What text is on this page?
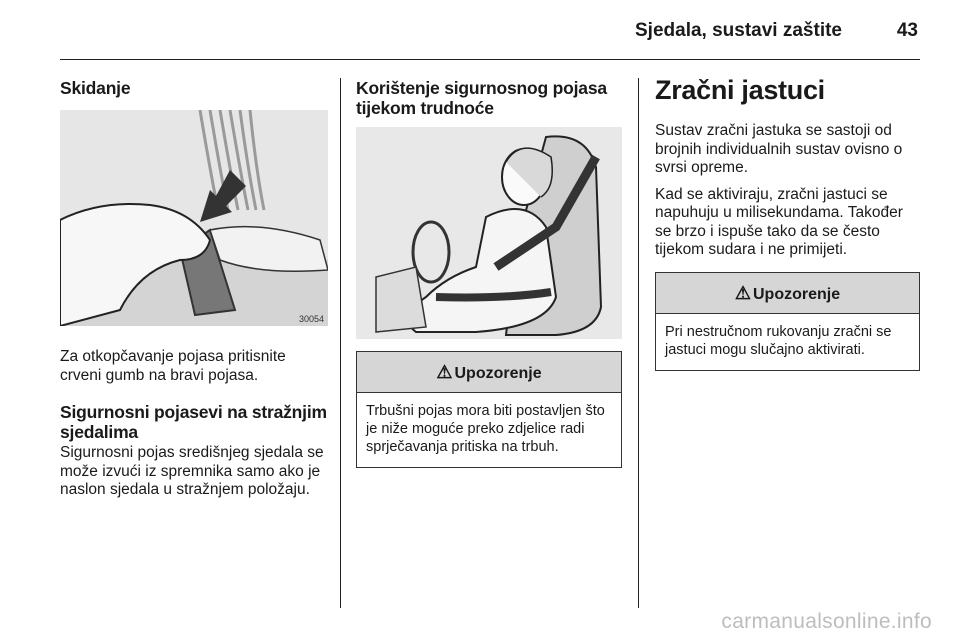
Sjedala, sustavi zaštite	43
Skidanje
30054

Za otkopčavanje pojasa pritisnite crveni gumb na bravi pojasa.

Sigurnosni pojasevi na stražnjim sjedalima

Sigurnosni pojas središnjeg sjedala se može izvući iz spremnika samo ako je naslon sjedala u stražnjem položaju.

Korištenje sigurnosnog pojasa tijekom trudnoće
⚠ Upozorenje
Trbušni pojas mora biti postavljen što je niže moguće preko zdjelice radi sprječavanja pritiska na trbuh.
Zračni jastuci

Sustav zračni jastuka se sastoji od brojnih individualnih sustav ovisno o svrsi opreme.

Kad se aktiviraju, zračni jastuci se napuhuju u milisekundama. Također se brzo i ispuše tako da se često tijekom sudara i ne primijeti.

⚠ Upozorenje
Pri nestručnom rukovanju zračni se jastuci mogu slučajno aktivirati.
carmanualsonline.info
